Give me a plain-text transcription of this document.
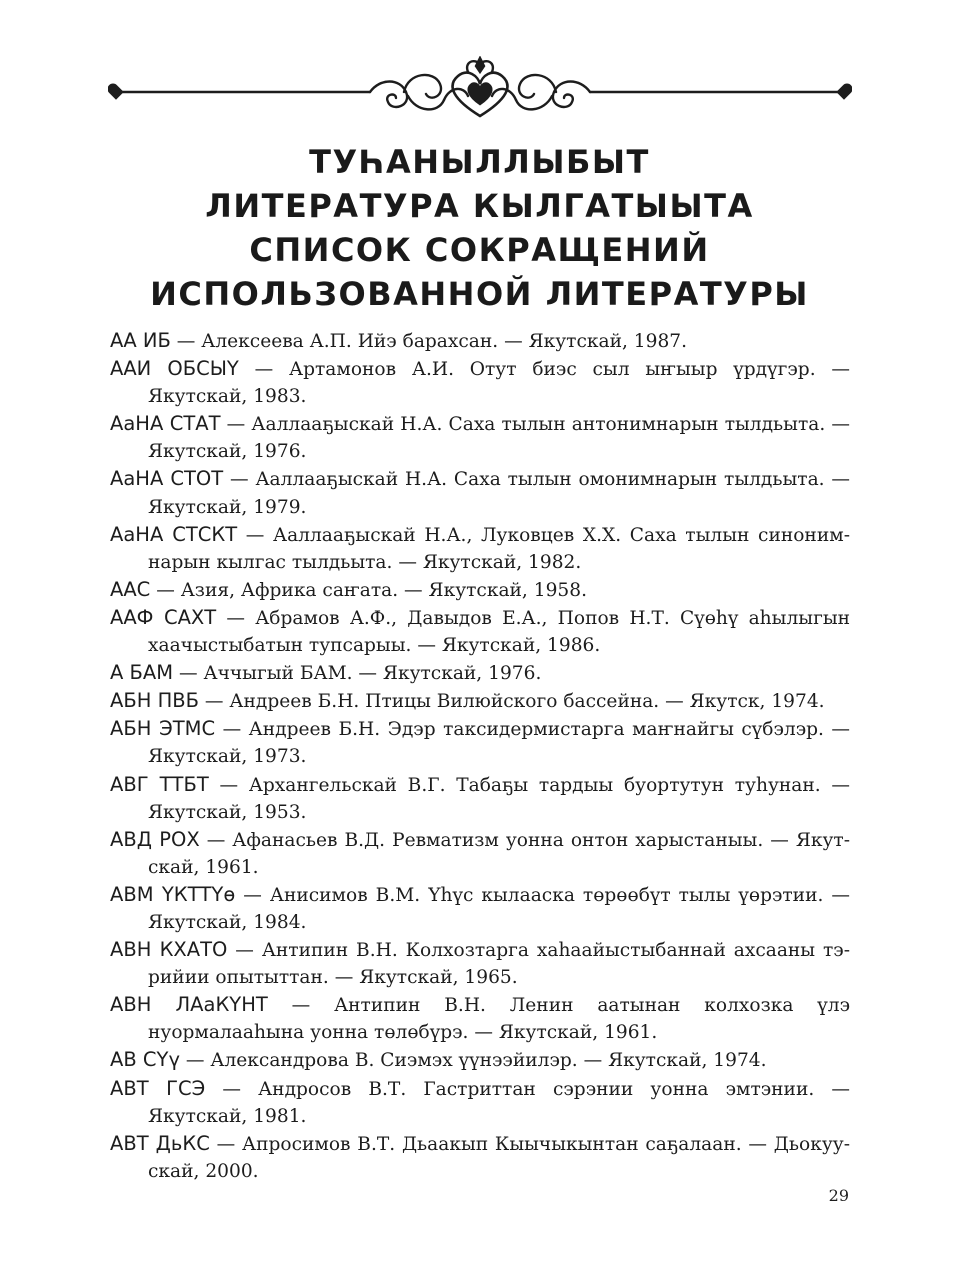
ТУҺАНЫЛЛЫБЫТ
ЛИТЕРАТУРА КЫЛГАТЫЫТА
СПИСОК СОКРАЩЕНИЙ
ИСПОЛЬЗОВАННОЙ ЛИТЕРАТУРЫ
АА ИБ — Алексеева А.П. Ийэ барахсан. — Якутскай, 1987.
ААИ ОБСЫҮ — Артамонов А.И. Отут биэс сыл ыҥыыр үрдүгэр. — Якутскай, 1983.
АаНА СТАТ — Ааллааҕыскай Н.А. Саха тылын антонимнарын тылдьыта. — Якутскай, 1976.
АаНА СТОТ — Ааллааҕыскай Н.А. Саха тылын омонимнарын тылдьыта. — Якутскай, 1979.
АаНА СТСКТ — Ааллааҕыскай Н.А., Луковцев Х.Х. Саха тылын синонимнарын кылгас тылдьыта. — Якутскай, 1982.
ААС — Азия, Африка саҥата. — Якутскай, 1958.
ААФ САХТ — Абрамов А.Ф., Давыдов Е.А., Попов Н.Т. Сүөһү аһылыгын хаачыстыбатын тупсарыы. — Якутскай, 1986.
А БАМ — Аччыгый БАМ. — Якутскай, 1976.
АБН ПВБ — Андреев Б.Н. Птицы Вилюйского бассейна. — Якутск, 1974.
АБН ЭТМС — Андреев Б.Н. Эдэр таксидермистарга маҥнайгы сүбэлэр. — Якутскай, 1973.
АВГ ТТБТ — Архангельскай В.Г. Табаҕы тардыы буортутун туһунан. — Якутскай, 1953.
АВД РОХ — Афанасьев В.Д. Ревматизм уонна онтон харыстаныы. — Якутскай, 1961.
АВМ ҮКТТҮө — Анисимов В.М. Үһүс кылааска төрөөбүт тылы үөрэтии. — Якутскай, 1984.
АВН КХАТО — Антипин В.Н. Колхозтарга хаһаайыстыбаннай ахсааны тэрийии опытыттан. — Якутскай, 1965.
АВН ЛАаКҮНТ — Антипин В.Н. Ленин аатынан колхозка үлэ нуормалааһына уонна төлөбүрэ. — Якутскай, 1961.
АВ СҮү — Александрова В. Сиэмэх үүнээйилэр. — Якутскай, 1974.
АВТ ГСЭ — Андросов В.Т. Гастриттан сэрэнии уонна эмтэнии. — Якутскай, 1981.
АВТ ДьКС — Апросимов В.Т. Дьаакып Кыычыкынтан саҕалаан. — Дьокуускай, 2000.
29
